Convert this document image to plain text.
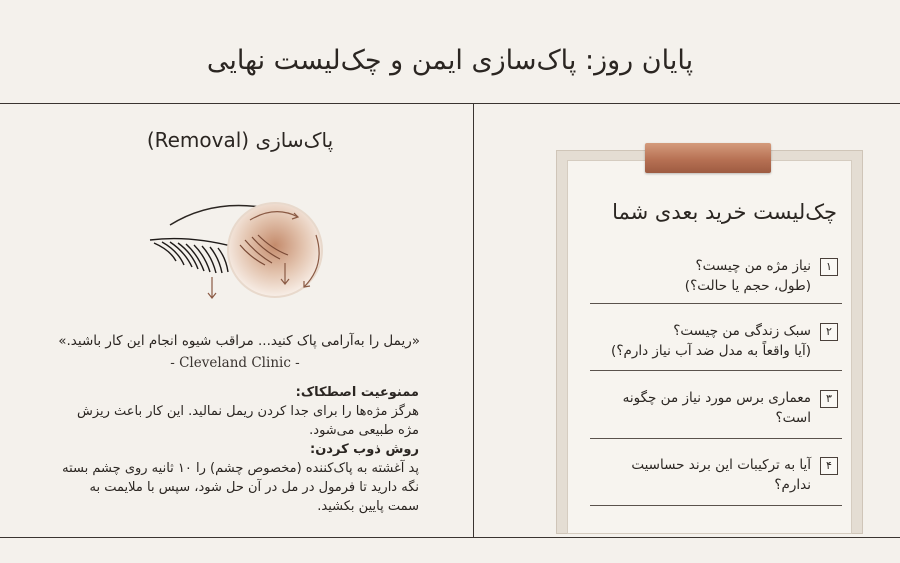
پایان روز: پاک‌سازی ایمن و چک‌لیست نهایی
پاک‌سازی (Removal)
«ریمل را به‌آرامی پاک کنید... مراقب شیوه انجام این کار باشید.»
- Cleveland Clinic -

ممنوعیت اصطکاک:

هرگز مژه‌ها را برای جدا کردن ریمل نمالید. این کار باعث ریزش مژه طبیعی می‌شود.

روش ذوب کردن:

پد آغشته به پاک‌کننده (مخصوص چشم) را ۱۰ ثانیه روی چشم بسته نگه دارید تا فرمول در مل در آن حل شود، سپس با ملایمت به سمت پایین بکشید.

چک‌لیست خرید بعدی شما
۱
نیاز مژه من چیست؟
(طول، حجم یا حالت؟)
۲
سبک زندگی من چیست؟
(آیا واقعاً به مدل ضد آب نیاز دارم؟)
۳
معماری برس مورد نیاز من چگونه
است؟
۴
آیا به ترکیبات این برند حساسیت
ندارم؟
